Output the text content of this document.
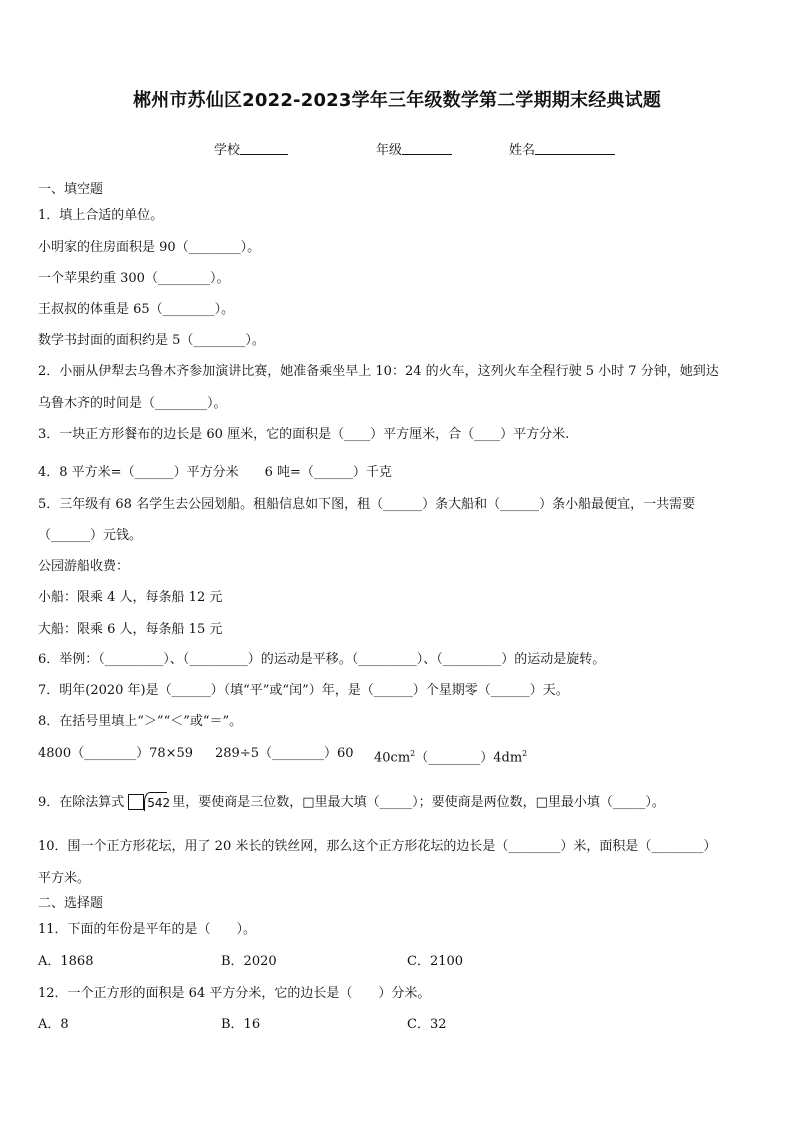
郴州市苏仙区2022-2023学年三年级数学第二学期期末经典试题
学校	年级	姓名
一、填空题
1．填上合适的单位。
小明家的住房面积是 90（________）。
一个苹果约重 300（________）。
王叔叔的体重是 65（________）。
数学书封面的面积约是 5（________）。
2．小丽从伊犁去乌鲁木齐参加演讲比赛，她准备乘坐早上 10：24 的火车，这列火车全程行驶 5 小时 7 分钟，她到达
乌鲁木齐的时间是（________）。
3．一块正方形餐布的边长是 60 厘米，它的面积是（____）平方厘米，合（____）平方分米.
4．8 平方米=（______）平方分米　　6 吨=（______）千克
5．三年级有 68 名学生去公园划船。租船信息如下图，租（______）条大船和（______）条小船最便宜，一共需要
（______）元钱。
公园游船收费：
小船：限乘 4 人，每条船 12 元
大船：限乘 6 人，每条船 15 元
6．举例：（_________）、（_________）的运动是平移。（_________）、（_________）的运动是旋转。
7．明年(2020 年)是（______）（填“平”或“闰”）年，是（______）个星期零（______）天。
8．在括号里填上“＞”“＜”或“＝”。
4800（________）78×59 289÷5（________）60 $40cm^2(\_\_\_\_\_\_\_\_)4dm^2$
9．在除法算式 542 里，要使商是三位数，□里最大填（_____）；要使商是两位数，□里最小填（_____）。
10．围一个正方形花坛，用了 20 米长的铁丝网，那么这个正方形花坛的边长是（________）米，面积是（________）
平方米。
二、选择题
11．下面的年份是平年的是（　　）。
A．1868	B．2020	C．2100
12．一个正方形的面积是 64 平方分米，它的边长是（　　）分米。
A．8	B．16	C．32
